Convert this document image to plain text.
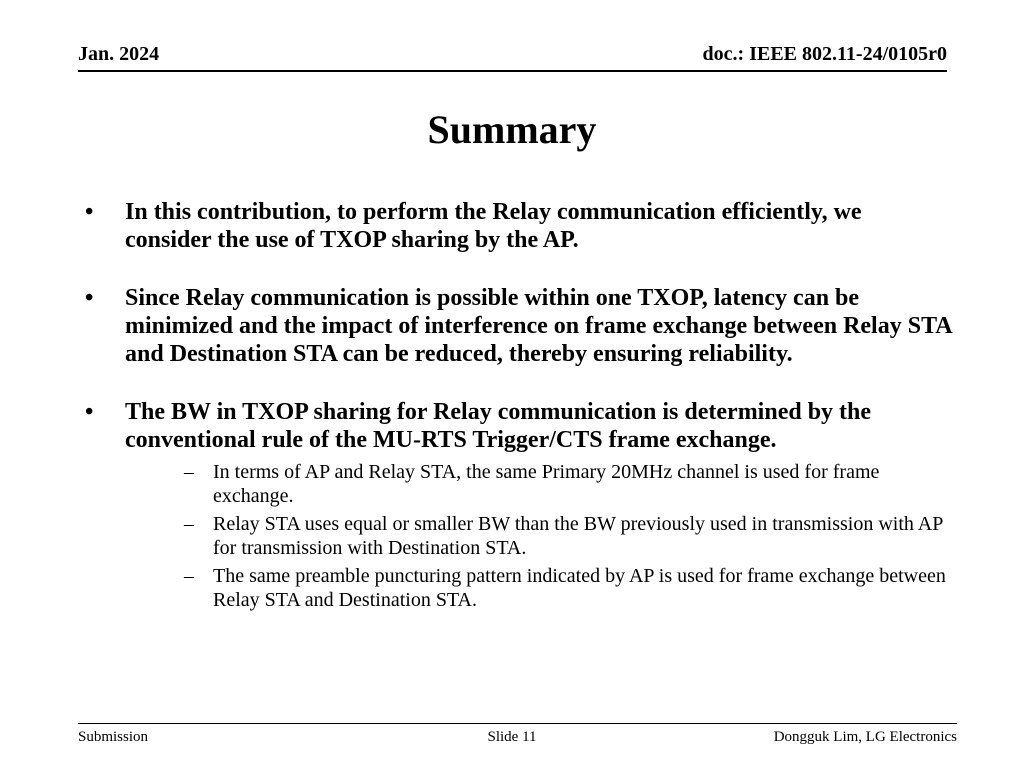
Jan. 2024	doc.: IEEE 802.11-24/0105r0
Summary
• In this contribution, to perform the Relay communication efficiently, we consider the use of TXOP sharing by the AP.
• Since Relay communication is possible within one TXOP, latency can be minimized and the impact of interference on frame exchange between Relay STA and Destination STA can be reduced, thereby ensuring reliability.
• The BW in TXOP sharing for Relay communication is determined by the conventional rule of the MU-RTS Trigger/CTS frame exchange.
– In terms of AP and Relay STA, the same Primary 20MHz channel is used for frame exchange.
– Relay STA uses equal or smaller BW than the BW previously used in transmission with AP for transmission with Destination STA.
– The same preamble puncturing pattern indicated by AP is used for frame exchange between Relay STA and Destination STA.
Submission	Slide 11	Dongguk Lim, LG Electronics
